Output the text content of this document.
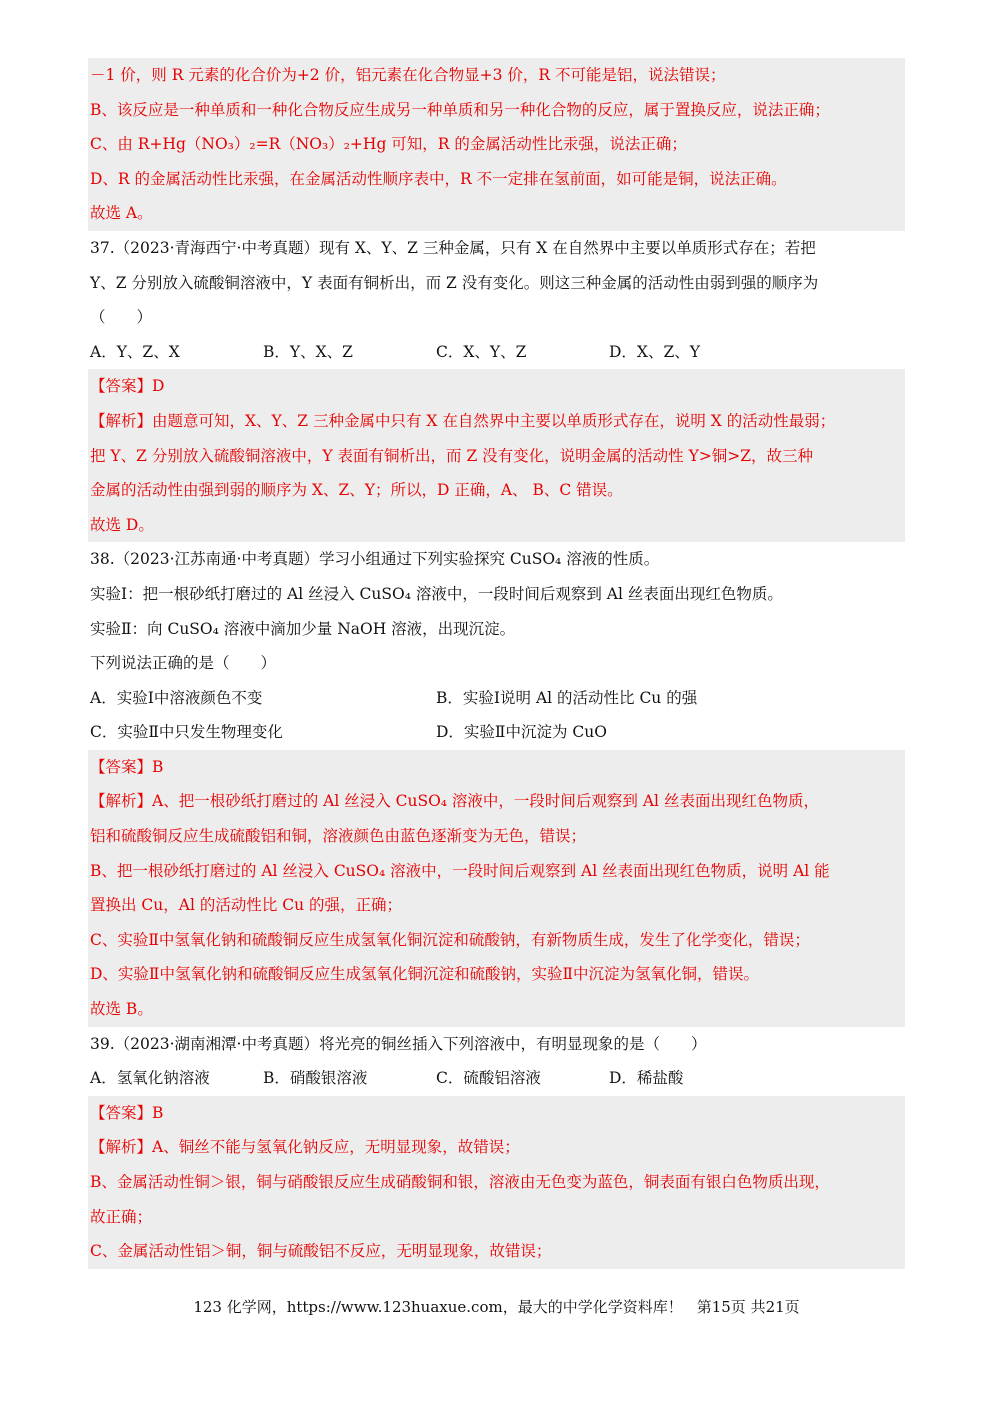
－1 价，则 R 元素的化合价为+2 价，铝元素在化合物显+3 价，R 不可能是铝，说法错误；
B、该反应是一种单质和一种化合物反应生成另一种单质和另一种化合物的反应，属于置换反应，说法正确；
C、由 R+Hg（NO₃）₂=R（NO₃）₂+Hg 可知，R 的金属活动性比汞强，说法正确；
D、R 的金属活动性比汞强，在金属活动性顺序表中，R 不一定排在氢前面，如可能是铜，说法正确。
故选 A。
37.（2023·青海西宁·中考真题）现有 X、Y、Z 三种金属，只有 X 在自然界中主要以单质形式存在；若把
Y、Z 分别放入硫酸铜溶液中，Y 表面有铜析出，而 Z 没有变化。则这三种金属的活动性由弱到强的顺序为
（　　）
A．Y、Z、X	B．Y、X、Z	C．X、Y、Z	D．X、Z、Y
【答案】D
【解析】由题意可知，X、Y、Z 三种金属中只有 X 在自然界中主要以单质形式存在，说明 X 的活动性最弱；
把 Y、Z 分别放入硫酸铜溶液中，Y 表面有铜析出，而 Z 没有变化，说明金属的活动性 Y>铜>Z，故三种
金属的活动性由强到弱的顺序为 X、Z、Y；所以，D 正确，A、 B、C 错误。
故选 D。
38.（2023·江苏南通·中考真题）学习小组通过下列实验探究 CuSO₄ 溶液的性质。
实验Ⅰ：把一根砂纸打磨过的 Al 丝浸入 CuSO₄ 溶液中，一段时间后观察到 Al 丝表面出现红色物质。
实验Ⅱ：向 CuSO₄ 溶液中滴加少量 NaOH 溶液，出现沉淀。
下列说法正确的是（　　）
A．实验Ⅰ中溶液颜色不变	B．实验Ⅰ说明 Al 的活动性比 Cu 的强
C．实验Ⅱ中只发生物理变化	D．实验Ⅱ中沉淀为 CuO
【答案】B
【解析】A、把一根砂纸打磨过的 Al 丝浸入 CuSO₄ 溶液中，一段时间后观察到 Al 丝表面出现红色物质，
铝和硫酸铜反应生成硫酸铝和铜，溶液颜色由蓝色逐渐变为无色，错误；
B、把一根砂纸打磨过的 Al 丝浸入 CuSO₄ 溶液中，一段时间后观察到 Al 丝表面出现红色物质，说明 Al 能
置换出 Cu，Al 的活动性比 Cu 的强，正确；
C、实验Ⅱ中氢氧化钠和硫酸铜反应生成氢氧化铜沉淀和硫酸钠，有新物质生成，发生了化学变化，错误；
D、实验Ⅱ中氢氧化钠和硫酸铜反应生成氢氧化铜沉淀和硫酸钠，实验Ⅱ中沉淀为氢氧化铜，错误。
故选 B。
39.（2023·湖南湘潭·中考真题）将光亮的铜丝插入下列溶液中，有明显现象的是（　　）
A．氢氧化钠溶液	B．硝酸银溶液	C．硫酸铝溶液	D．稀盐酸
【答案】B
【解析】A、铜丝不能与氢氧化钠反应，无明显现象，故错误；
B、金属活动性铜＞银，铜与硝酸银反应生成硝酸铜和银，溶液由无色变为蓝色，铜表面有银白色物质出现，
故正确；
C、金属活动性铝＞铜，铜与硫酸铝不反应，无明显现象，故错误；
123 化学网，https://www.123huaxue.com，最大的中学化学资料库！ 第15页 共21页
